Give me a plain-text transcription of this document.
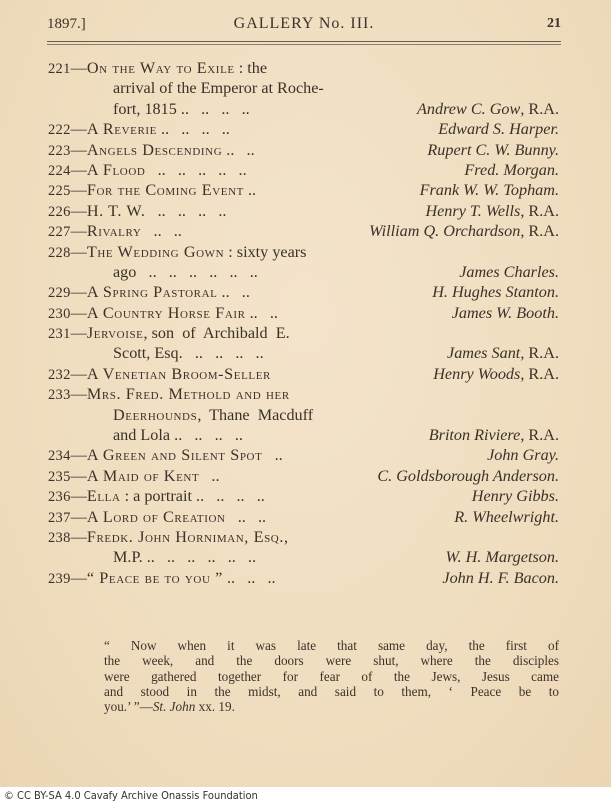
1897.]	GALLERY No. III.	21
221—On the Way to Exile : the
arrival of the Emperor at Roche-
fort, 1815 ..   ..   ..   ..	Andrew C. Gow, R.A.
222—A Reverie ..   ..   ..   ..	Edward S. Harper.
223—Angels Descending ..   ..	Rupert C. W. Bunny.
224—A Flood   ..   ..   ..   ..   ..	Fred. Morgan.
225—For the Coming Event ..	Frank W. W. Topham.
226—H. T. W.   ..   ..   ..   ..	Henry T. Wells, R.A.
227—Rivalry   ..   ..	William Q. Orchardson, R.A.
228—The Wedding Gown : sixty years
ago   ..   ..   ..   ..   ..   ..	James Charles.
229—A Spring Pastoral ..   ..	H. Hughes Stanton.
230—A Country Horse Fair ..   ..	James W. Booth.
231—Jervoise, son  of  Archibald  E.
Scott, Esq.   ..   ..   ..   ..	James Sant, R.A.
232—A Venetian Broom-Seller	Henry Woods, R.A.
233—Mrs. Fred. Methold and her
Deerhounds,  Thane  Macduff
and Lola ..   ..   ..   ..	Briton Riviere, R.A.
234—A Green and Silent Spot   ..	John Gray.
235—A Maid of Kent   ..	C. Goldsborough Anderson.
236—Ella : a portrait ..   ..   ..   ..	Henry Gibbs.
237—A Lord of Creation   ..   ..	R. Wheelwright.
238—Fredk. John Horniman, Esq.,
M.P. ..   ..   ..   ..   ..   ..	W. H. Margetson.
239—“ Peace be to you ” ..   ..   ..	John H. F. Bacon.
“ Now when it was late that same day, the first of
the week, and the doors were shut, where the disciples
were gathered together for fear of the Jews, Jesus came
and stood in the midst, and said to them, ‘ Peace be to
you.’ ”—St. John xx. 19.
© CC BY-SA 4.0 Cavafy Archive Onassis Foundation
